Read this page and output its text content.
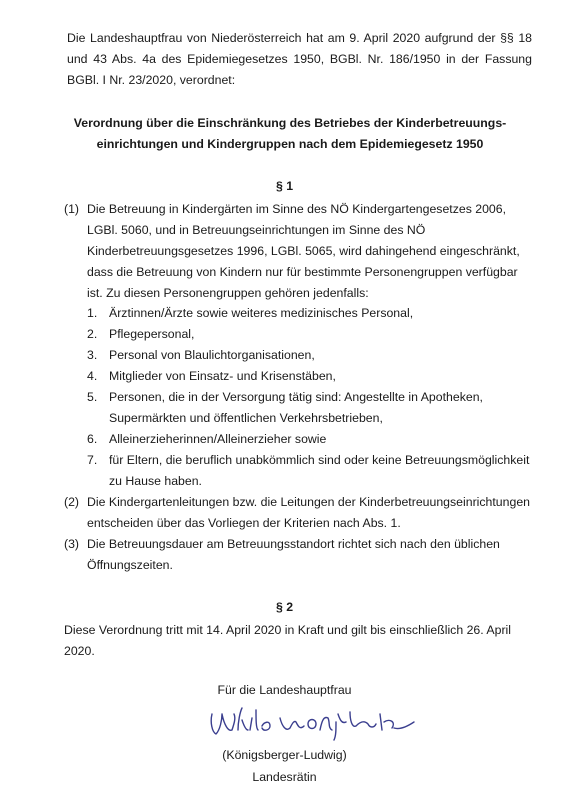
Die Landeshauptfrau von Niederösterreich hat am 9. April 2020 aufgrund der §§ 18 und 43 Abs. 4a des Epidemiegesetzes 1950, BGBl. Nr. 186/1950 in der Fassung BGBl. I Nr. 23/2020, verordnet:
Verordnung über die Einschränkung des Betriebes der Kinderbetreuungs-
einrichtungen und Kindergruppen nach dem Epidemiegesetz 1950
§ 1
(1) Die Betreuung in Kindergärten im Sinne des NÖ Kindergartengesetzes 2006, LGBl. 5060, und in Betreuungseinrichtungen im Sinne des NÖ Kinderbetreuungsgesetzes 1996, LGBl. 5065, wird dahingehend eingeschränkt, dass die Betreuung von Kindern nur für bestimmte Personengruppen verfügbar ist. Zu diesen Personengruppen gehören jedenfalls:
1. Ärztinnen/Ärzte sowie weiteres medizinisches Personal,
2. Pflegepersonal,
3. Personal von Blaulichtorganisationen,
4. Mitglieder von Einsatz- und Krisenstäben,
5. Personen, die in der Versorgung tätig sind: Angestellte in Apotheken, Supermärkten und öffentlichen Verkehrsbetrieben,
6. Alleinerzieherinnen/Alleinerzieher sowie
7. für Eltern, die beruflich unabkömmlich sind oder keine Betreuungsmöglichkeit zu Hause haben.
(2) Die Kindergartenleitungen bzw. die Leitungen der Kinderbetreuungseinrichtungen entscheiden über das Vorliegen der Kriterien nach Abs. 1.
(3) Die Betreuungsdauer am Betreuungsstandort richtet sich nach den üblichen Öffnungszeiten.
§ 2
Diese Verordnung tritt mit 14. April 2020 in Kraft und gilt bis einschließlich 26. April 2020.
Für die Landeshauptfrau
(Königsberger-Ludwig)
Landesrätin
